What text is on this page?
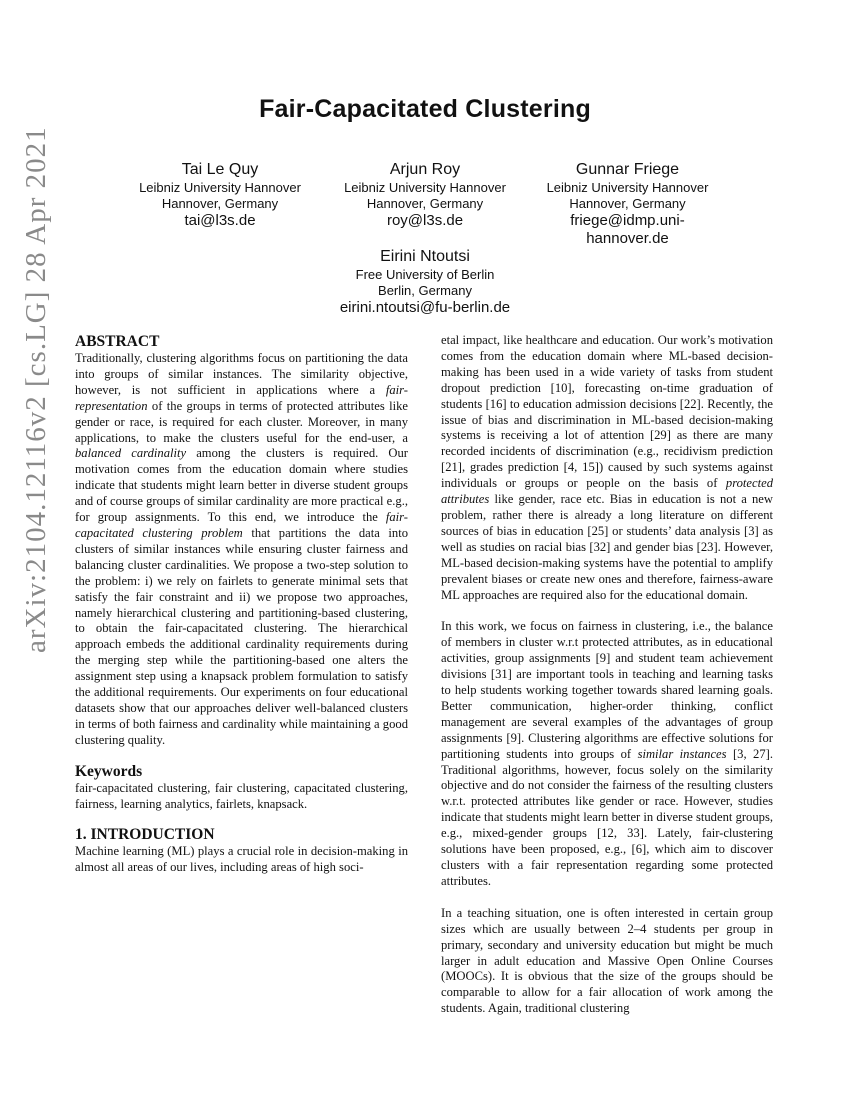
arXiv:2104.12116v2 [cs.LG] 28 Apr 2021
Fair-Capacitated Clustering
Tai Le Quy
Leibniz University Hannover
Hannover, Germany
tai@l3s.de
Arjun Roy
Leibniz University Hannover
Hannover, Germany
roy@l3s.de
Gunnar Friege
Leibniz University Hannover
Hannover, Germany
friege@idmp.uni-
hannover.de
Eirini Ntoutsi
Free University of Berlin
Berlin, Germany
eirini.ntoutsi@fu-berlin.de
ABSTRACT

Traditionally, clustering algorithms focus on partitioning the data into groups of similar instances. The similarity objective, however, is not sufficient in applications where a fair-representation of the groups in terms of protected attributes like gender or race, is required for each cluster. Moreover, in many applications, to make the clusters useful for the end-user, a balanced cardinality among the clusters is required. Our motivation comes from the education domain where studies indicate that students might learn better in diverse student groups and of course groups of similar cardinality are more practical e.g., for group assignments. To this end, we introduce the fair-capacitated clustering problem that partitions the data into clusters of similar instances while ensuring cluster fairness and balancing cluster cardinalities. We propose a two-step solution to the problem: i) we rely on fairlets to generate minimal sets that satisfy the fair constraint and ii) we propose two approaches, namely hierarchical clustering and partitioning-based clustering, to obtain the fair-capacitated clustering. The hierarchical approach embeds the additional cardinality requirements during the merging step while the partitioning-based one alters the assignment step using a knapsack problem formulation to satisfy the additional requirements. Our experiments on four educational datasets show that our approaches deliver well-balanced clusters in terms of both fairness and cardinality while maintaining a good clustering quality.

Keywords

fair-capacitated clustering, fair clustering, capacitated clustering, fairness, learning analytics, fairlets, knapsack.

1. INTRODUCTION

Machine learning (ML) plays a crucial role in decision-making in almost all areas of our lives, including areas of high soci-

etal impact, like healthcare and education. Our work’s motivation comes from the education domain where ML-based decision-making has been used in a wide variety of tasks from student dropout prediction [10], forecasting on-time graduation of students [16] to education admission decisions [22]. Recently, the issue of bias and discrimination in ML-based decision-making systems is receiving a lot of attention [29] as there are many recorded incidents of discrimination (e.g., recidivism prediction [21], grades prediction [4, 15]) caused by such systems against individuals or groups or people on the basis of protected attributes like gender, race etc. Bias in education is not a new problem, rather there is already a long literature on different sources of bias in education [25] or students’ data analysis [3] as well as studies on racial bias [32] and gender bias [23]. However, ML-based decision-making systems have the potential to amplify prevalent biases or create new ones and therefore, fairness-aware ML approaches are required also for the educational domain.

In this work, we focus on fairness in clustering, i.e., the balance of members in cluster w.r.t protected attributes, as in educational activities, group assignments [9] and student team achievement divisions [31] are important tools in teaching and learning tasks to help students working together towards shared learning goals. Better communication, higher-order thinking, conflict management are several examples of the advantages of group assignments [9]. Clustering algorithms are effective solutions for partitioning students into groups of similar instances [3, 27]. Traditional algorithms, however, focus solely on the similarity objective and do not consider the fairness of the resulting clusters w.r.t. protected attributes like gender or race. However, studies indicate that students might learn better in diverse student groups, e.g., mixed-gender groups [12, 33]. Lately, fair-clustering solutions have been proposed, e.g., [6], which aim to discover clusters with a fair representation regarding some protected attributes.

In a teaching situation, one is often interested in certain group sizes which are usually between 2–4 students per group in primary, secondary and university education but might be much larger in adult education and Massive Open Online Courses (MOOCs). It is obvious that the size of the groups should be comparable to allow for a fair allocation of work among the students. Again, traditional clustering
